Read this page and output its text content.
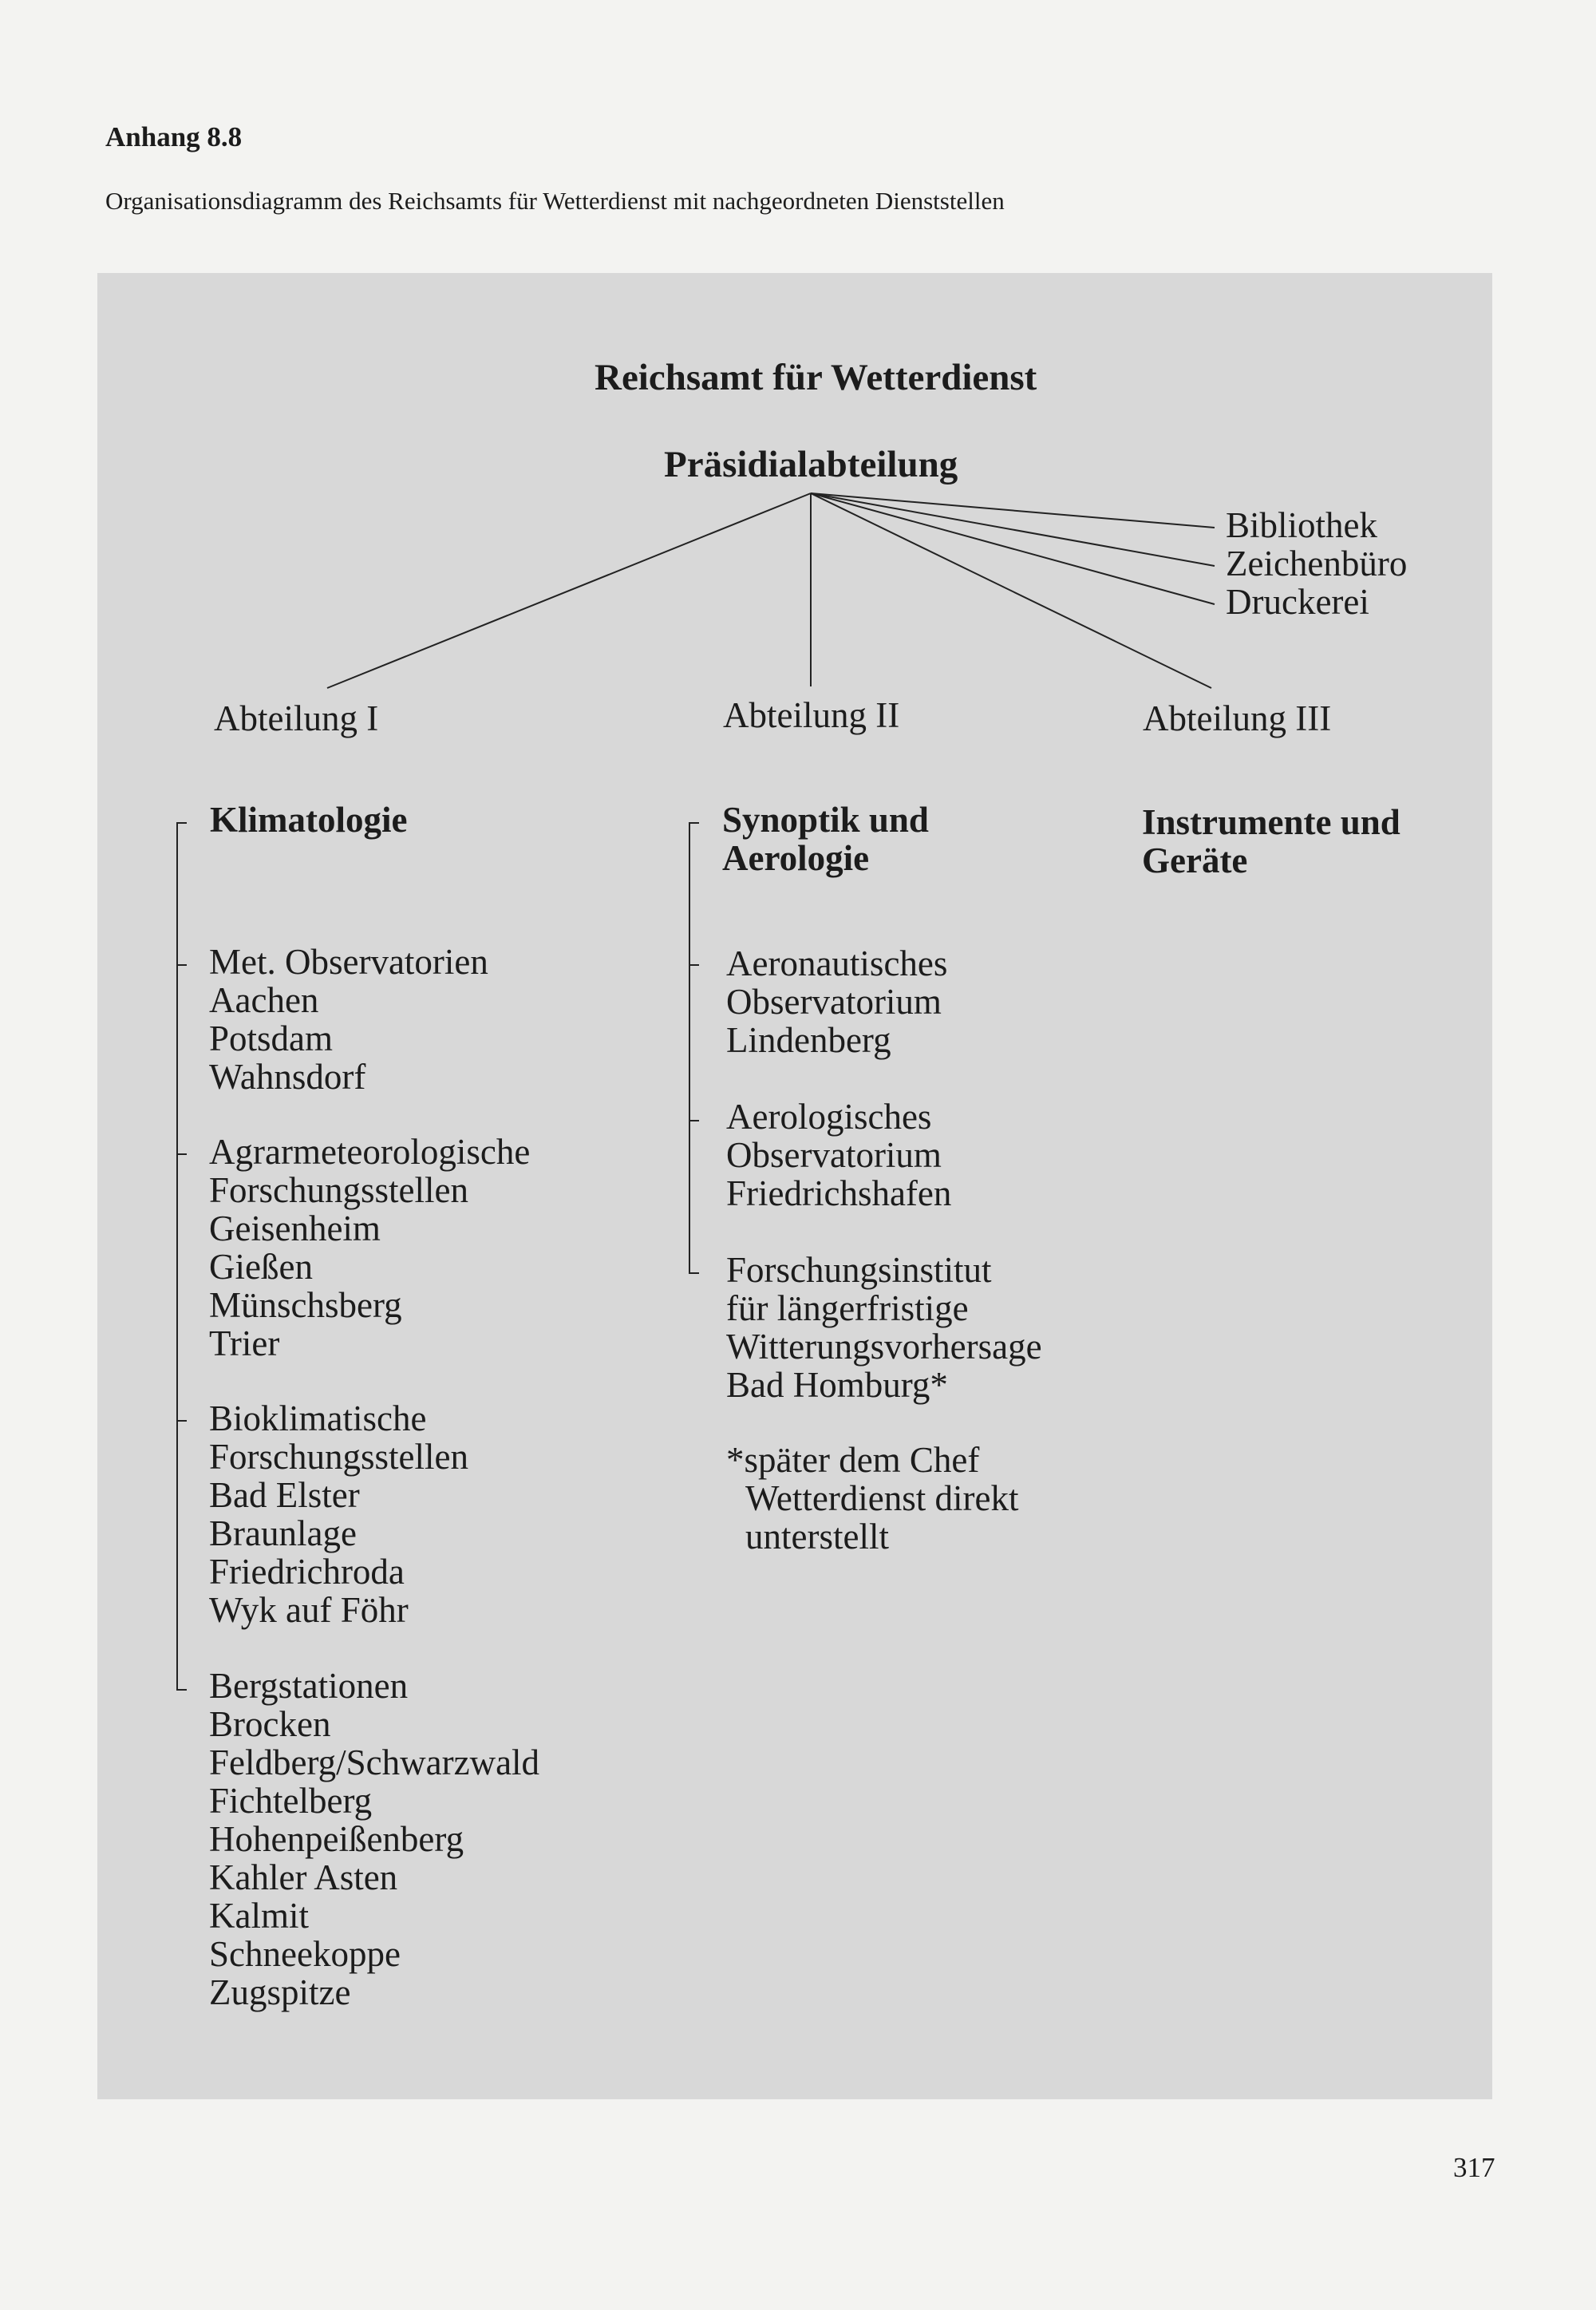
Anhang 8.8
Organisationsdiagramm des Reichsamts für Wetterdienst mit nachgeordneten Dienststellen
Reichsamt für Wetterdienst
Präsidialabteilung
Bibliothek
Zeichenbüro
Druckerei
Abteilung I	Abteilung II	Abteilung III
Klimatologie
Met. Observatorien
Aachen
Potsdam
Wahnsdorf
Agrarmeteorologische
Forschungsstellen
Geisenheim
Gießen
Münschsberg
Trier
Bioklimatische
Forschungsstellen
Bad Elster
Braunlage
Friedrichroda
Wyk auf Föhr
Bergstationen
Brocken
Feldberg/Schwarzwald
Fichtelberg
Hohenpeißenberg
Kahler Asten
Kalmit
Schneekoppe
Zugspitze
Synoptik und
Aerologie
Aeronautisches
Observatorium
Lindenberg
Aerologisches
Observatorium
Friedrichshafen
Forschungsinstitut
für längerfristige
Witterungsvorhersage
Bad Homburg*
*später dem Chef
Wetterdienst direkt
unterstellt
Instrumente und
Geräte
317
